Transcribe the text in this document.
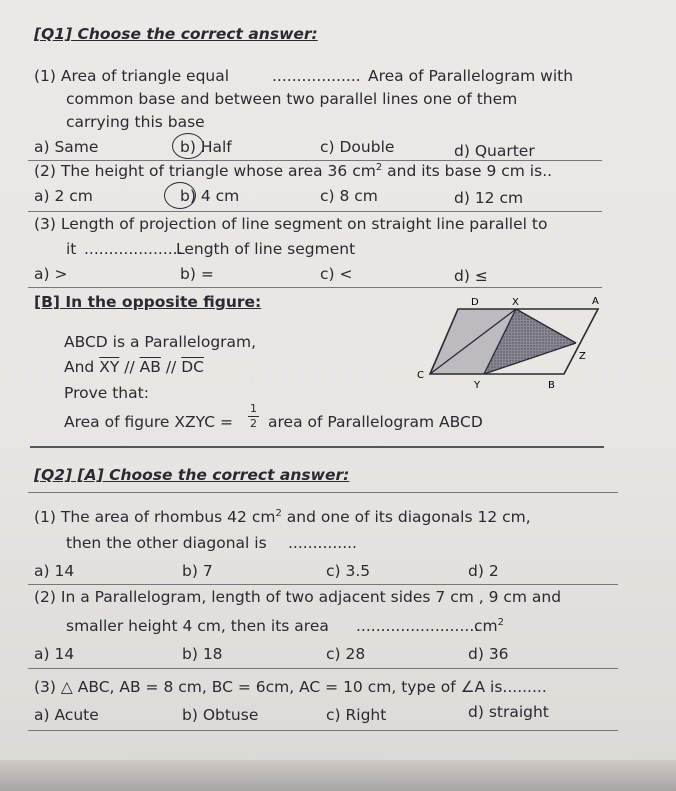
[Q1] Choose the correct answer:
(1) Area of triangle equal	.................. Area of Parallelogram with
common base and between two parallel lines one of them
carrying this base
a) Same	b) Half	c) Double	d) Quarter
(2) The height of triangle whose area 36 $cm^2$ and its base 9 cm is..
a) 2 cm	b) 4 cm	c) 8 cm	d) 12 cm
(3) Length of projection of line segment on straight line parallel to
it ....................
Length of line segment
a) >	b) =	c) <	d) ≤
[B] In the opposite figure:
ABCD is a Parallelogram,
And $\overline{XY} // \overline{AB} // \overline{DC}$
Prove that:
Area of figure XZYC =
1
2 area of Parallelogram ABCD
D	X	A
Z
C
Y	B
[Q2] [A] Choose the correct answer:
(1) The area of rhombus 42 $cm^2$ and one of its diagonals 12 cm,
then the other diagonal is ..............
a) 14	b) 7	c) 3.5	d) 2
(2) In a Parallelogram, length of two adjacent sides 7 cm , 9 cm and
smaller height 4 cm, then its area .........................
$cm^2$
a) 14	b) 18	c) 28	d) 36
(3) △ ABC, AB = 8 cm, BC = 6cm, AC = 10 cm, type of ∠A is.........
a) Acute	b) Obtuse	c) Right	d) straight
